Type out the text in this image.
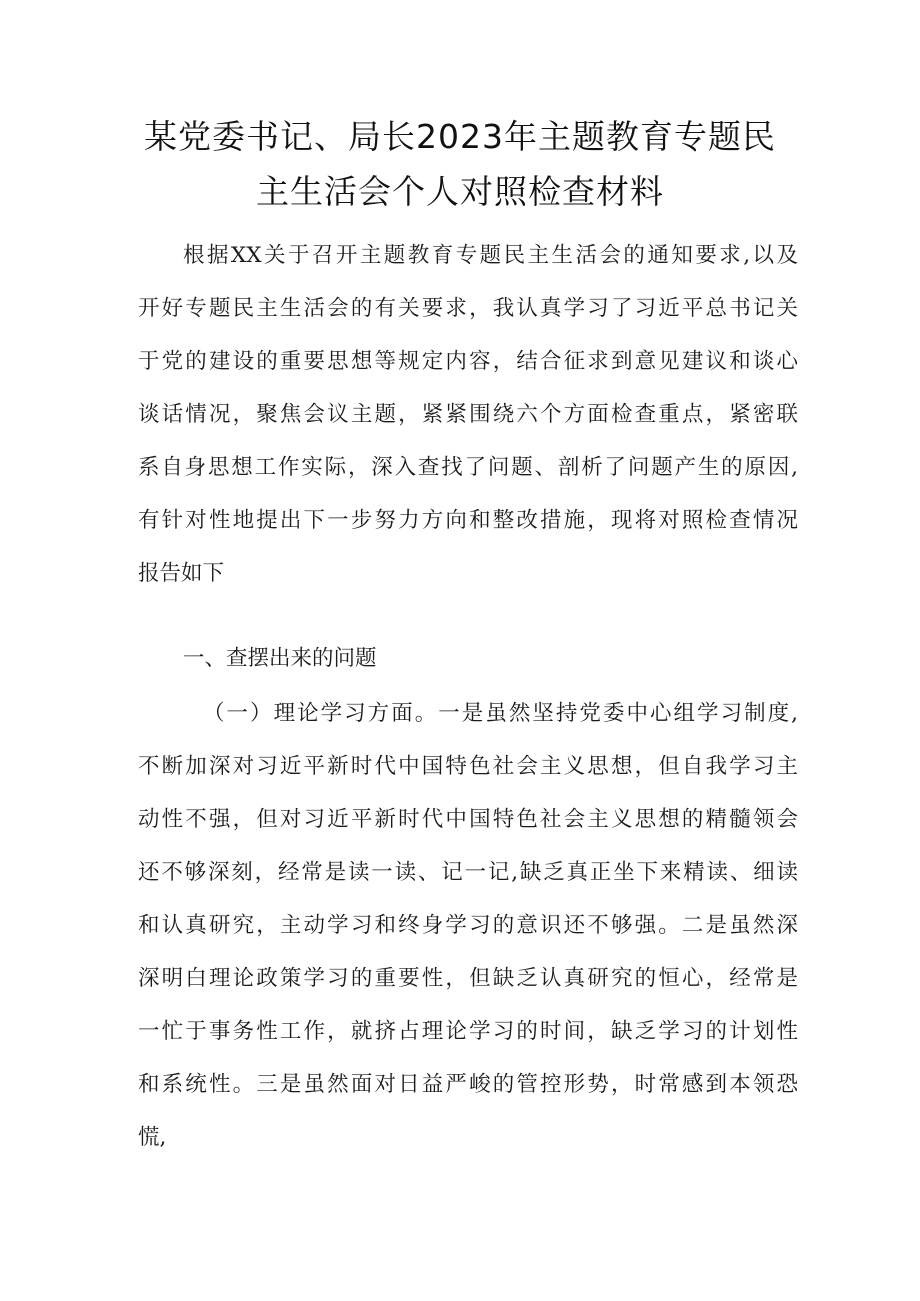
某党委书记、局长2023年主题教育专题民
主生活会个人对照检查材料
根据XX关于召开主题教育专题民主生活会的通知要求,以及
开好专题民主生活会的有关要求，我认真学习了习近平总书记关
于党的建设的重要思想等规定内容，结合征求到意见建议和谈心
谈话情况，聚焦会议主题，紧紧围绕六个方面检查重点，紧密联
系自身思想工作实际，深入查找了问题、剖析了问题产生的原因,
有针对性地提出下一步努力方向和整改措施，现将对照检查情况
报告如下
一、查摆出来的问题
（一）理论学习方面。一是虽然坚持党委中心组学习制度,
不断加深对习近平新时代中国特色社会主义思想，但自我学习主
动性不强，但对习近平新时代中国特色社会主义思想的精髓领会
还不够深刻，经常是读一读、记一记,缺乏真正坐下来精读、细读
和认真研究，主动学习和终身学习的意识还不够强。二是虽然深
深明白理论政策学习的重要性，但缺乏认真研究的恒心，经常是
一忙于事务性工作，就挤占理论学习的时间，缺乏学习的计划性
和系统性。三是虽然面对日益严峻的管控形势，时常感到本领恐
慌,
